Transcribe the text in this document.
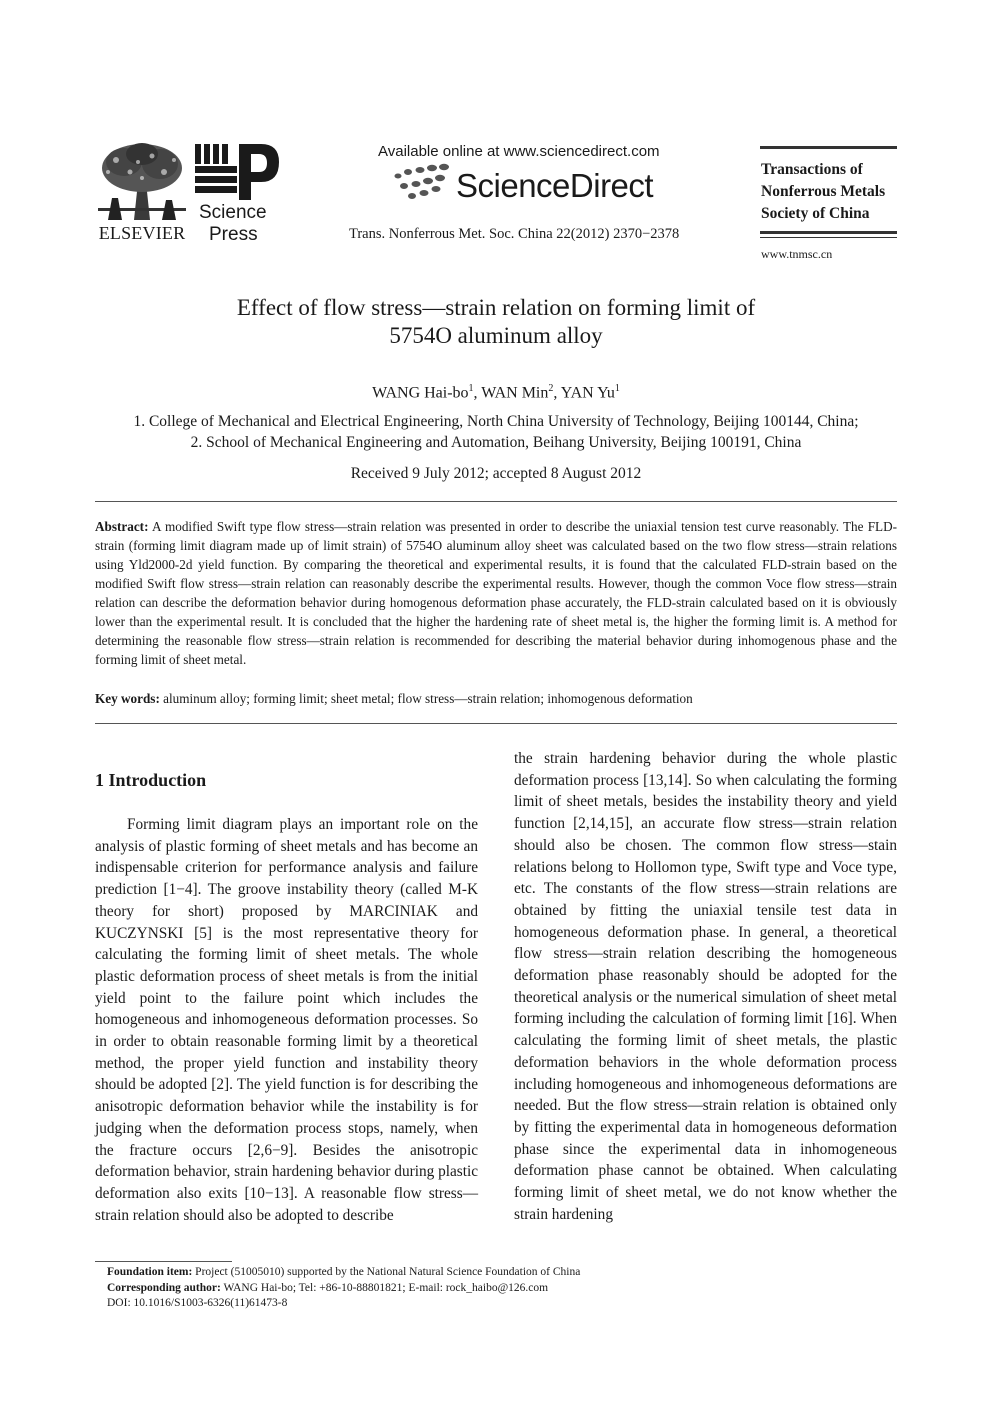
ELSEVIER
Science
Press
Available online at www.sciencedirect.com
ScienceDirect
Trans. Nonferrous Met. Soc. China 22(2012) 2370−2378
Transactions of
Nonferrous Metals
Society of China
www.tnmsc.cn
Effect of flow stress—strain relation on forming limit of
5754O aluminum alloy
WANG Hai-$bo^1$, WAN Min$^2$, YAN Yu$^1$
1. College of Mechanical and Electrical Engineering, North China University of Technology, Beijing 100144, China;
2. School of Mechanical Engineering and Automation, Beihang University, Beijing 100191, China
Received 9 July 2012; accepted 8 August 2012
Abstract: A modified Swift type flow stress—strain relation was presented in order to describe the uniaxial tension test curve reasonably. The FLD-strain (forming limit diagram made up of limit strain) of 5754O aluminum alloy sheet was calculated based on the two flow stress—strain relations using Yld2000-2d yield function. By comparing the theoretical and experimental results, it is found that the calculated FLD-strain based on the modified Swift flow stress—strain relation can reasonably describe the experimental results. However, though the common Voce flow stress—strain relation can describe the deformation behavior during homogenous deformation phase accurately, the FLD-strain calculated based on it is obviously lower than the experimental result. It is concluded that the higher the hardening rate of sheet metal is, the higher the forming limit is. A method for determining the reasonable flow stress—strain relation is recommended for describing the material behavior during inhomogenous phase and the forming limit of sheet metal.
Key words: aluminum alloy; forming limit; sheet metal; flow stress—strain relation; inhomogenous deformation
1 Introduction

Forming limit diagram plays an important role on the analysis of plastic forming of sheet metals and has become an indispensable criterion for performance analysis and failure prediction [1−4]. The groove instability theory (called M-K theory for short) proposed by MARCINIAK and KUCZYNSKI [5] is the most representative theory for calculating the forming limit of sheet metals. The whole plastic deformation process of sheet metals is from the initial yield point to the failure point which includes the homogeneous and inhomogeneous deformation processes. So in order to obtain reasonable forming limit by a theoretical method, the proper yield function and instability theory should be adopted [2]. The yield function is for describing the anisotropic deformation behavior while the instability is for judging when the deformation process stops, namely, when the fracture occurs [2,6−9]. Besides the anisotropic deformation behavior, strain hardening behavior during plastic deformation also exits [10−13]. A reasonable flow stress—strain relation should also be adopted to describe

the strain hardening behavior during the whole plastic deformation process [13,14]. So when calculating the forming limit of sheet metals, besides the instability theory and yield function [2,14,15], an accurate flow stress—strain relation should also be chosen. The common flow stress—stain relations belong to Hollomon type, Swift type and Voce type, etc. The constants of the flow stress—strain relations are obtained by fitting the uniaxial tensile test data in homogeneous deformation phase. In general, a theoretical flow stress—strain relation describing the homogeneous deformation phase reasonably should be adopted for the theoretical analysis or the numerical simulation of sheet metal forming including the calculation of forming limit [16]. When calculating the forming limit of sheet metals, the plastic deformation behaviors in the whole deformation process including homogeneous and inhomogeneous deformations are needed. But the flow stress—strain relation is obtained only by fitting the experimental data in homogeneous deformation phase since the experimental data in inhomogeneous deformation phase cannot be obtained. When calculating forming limit of sheet metal, we do not know whether the strain hardening

Foundation item: Project (51005010) supported by the National Natural Science Foundation of China
Corresponding author: WANG Hai-bo; Tel: +86-10-88801821; E-mail: rock_haibo@126.com
DOI: 10.1016/S1003-6326(11)61473-8
